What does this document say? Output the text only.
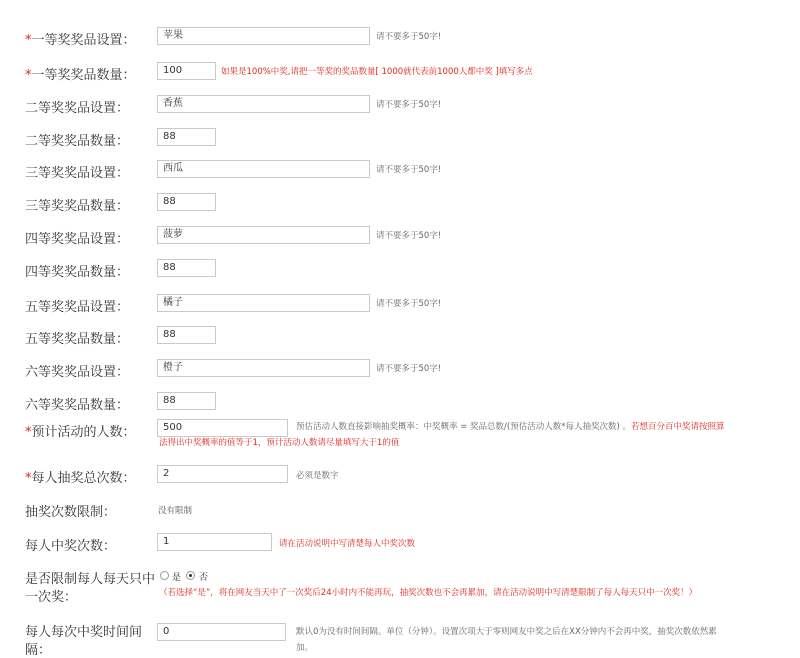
*预计活动的人数：	500	预估活动人数直接影响抽奖概率：中奖概率 = 奖品总数/(预估活动人数*每人抽奖次数) 。若想百分百中奖请按照算
法得出中奖概率的值等于1，预计活动人数请尽量填写大于1的值
*每人抽奖总次数：	2	必须是数字
抽奖次数限制：	没有限制
每人中奖次数：	1	请在活动说明中写清楚每人中奖次数
是否限制每人每天只中
一次奖：
是 否
（若选择“是”，将在网友当天中了一次奖后24小时内不能再玩，抽奖次数也不会再累加，请在活动说明中写清楚限制了每人每天只中一次奖！）
每人每次中奖时间间
隔：
0	默认0为没有时间间隔。单位（分钟）。设置次项大于零则网友中奖之后在XX分钟内不会再中奖，抽奖次数依然累
加。
*一等奖奖品设置：	苹果	请不要多于50字!
*一等奖奖品数量：	100	如果是100%中奖,请把一等奖的奖品数量[ 1000就代表前1000人都中奖 ]填写多点
二等奖奖品设置：	香蕉	请不要多于50字!
二等奖奖品数量：	88
三等奖奖品设置：	西瓜	请不要多于50字!
三等奖奖品数量：	88
四等奖奖品设置：	菠萝	请不要多于50字!
四等奖奖品数量：	88
五等奖奖品设置：	橘子	请不要多于50字!
五等奖奖品数量：	88
六等奖奖品设置：	橙子	请不要多于50字!
六等奖奖品数量：	88
